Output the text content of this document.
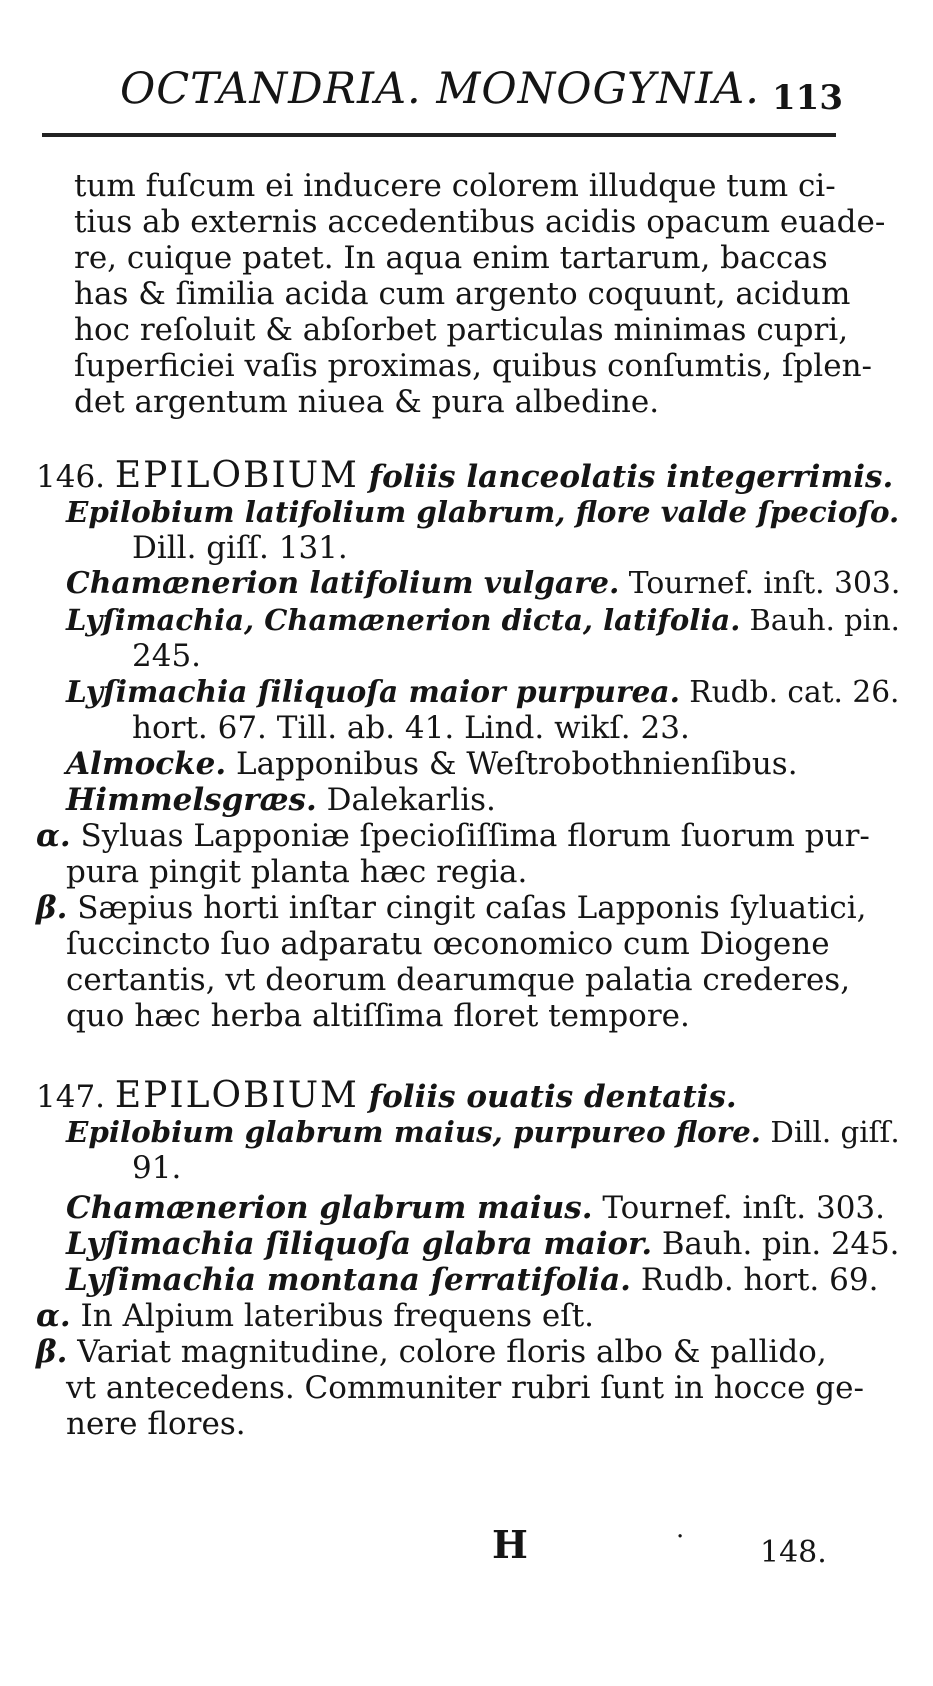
OCTANDRIA. MONOGYNIA. 113
tum fuſcum ei inducere colorem illudque tum ci-
tius ab externis accedentibus acidis opacum euade-
re, cuique patet. In aqua enim tartarum, baccas
has & ſimilia acida cum argento coquunt, acidum
hoc reſoluit & abſorbet particulas minimas cupri,
ſuperficiei vaſis proximas, quibus conſumtis, ſplen-
det argentum niuea & pura albedine.
146. EPILOBIUM foliis lanceolatis integerrimis.
Epilobium latifolium glabrum, flore valde ſpecioſo.
Dill. giſſ. 131.
Chamænerion latifolium vulgare. Tournef. inſt. 303.
Lyſimachia, Chamænerion dicta, latifolia. Bauh. pin.
245.
Lyſimachia ſiliquoſa maior purpurea. Rudb. cat. 26.
hort. 67. Till. ab. 41. Lind. wikſ. 23.
Almocke. Lapponibus & Weſtrobothnienſibus.
Himmelsgræs. Dalekarlis.
α. Syluas Lapponiæ ſpecioſiſſima florum ſuorum pur-
pura pingit planta hæc regia.
β. Sæpius horti inſtar cingit caſas Lapponis ſyluatici,
ſuccincto ſuo adparatu œconomico cum Diogene
certantis, vt deorum dearumque palatia crederes,
quo hæc herba altiſſima floret tempore.
147. EPILOBIUM foliis ouatis dentatis.
Epilobium glabrum maius, purpureo flore. Dill. giſſ.
91.
Chamænerion glabrum maius. Tournef. inſt. 303.
Lyſimachia ſiliquoſa glabra maior. Bauh. pin. 245.
Lyſimachia montana ſerratifolia. Rudb. hort. 69.
α. In Alpium lateribus frequens eſt.
β. Variat magnitudine, colore floris albo & pallido,
vt antecedens. Communiter rubri ſunt in hocce ge-
nere flores.
H	·	148.
